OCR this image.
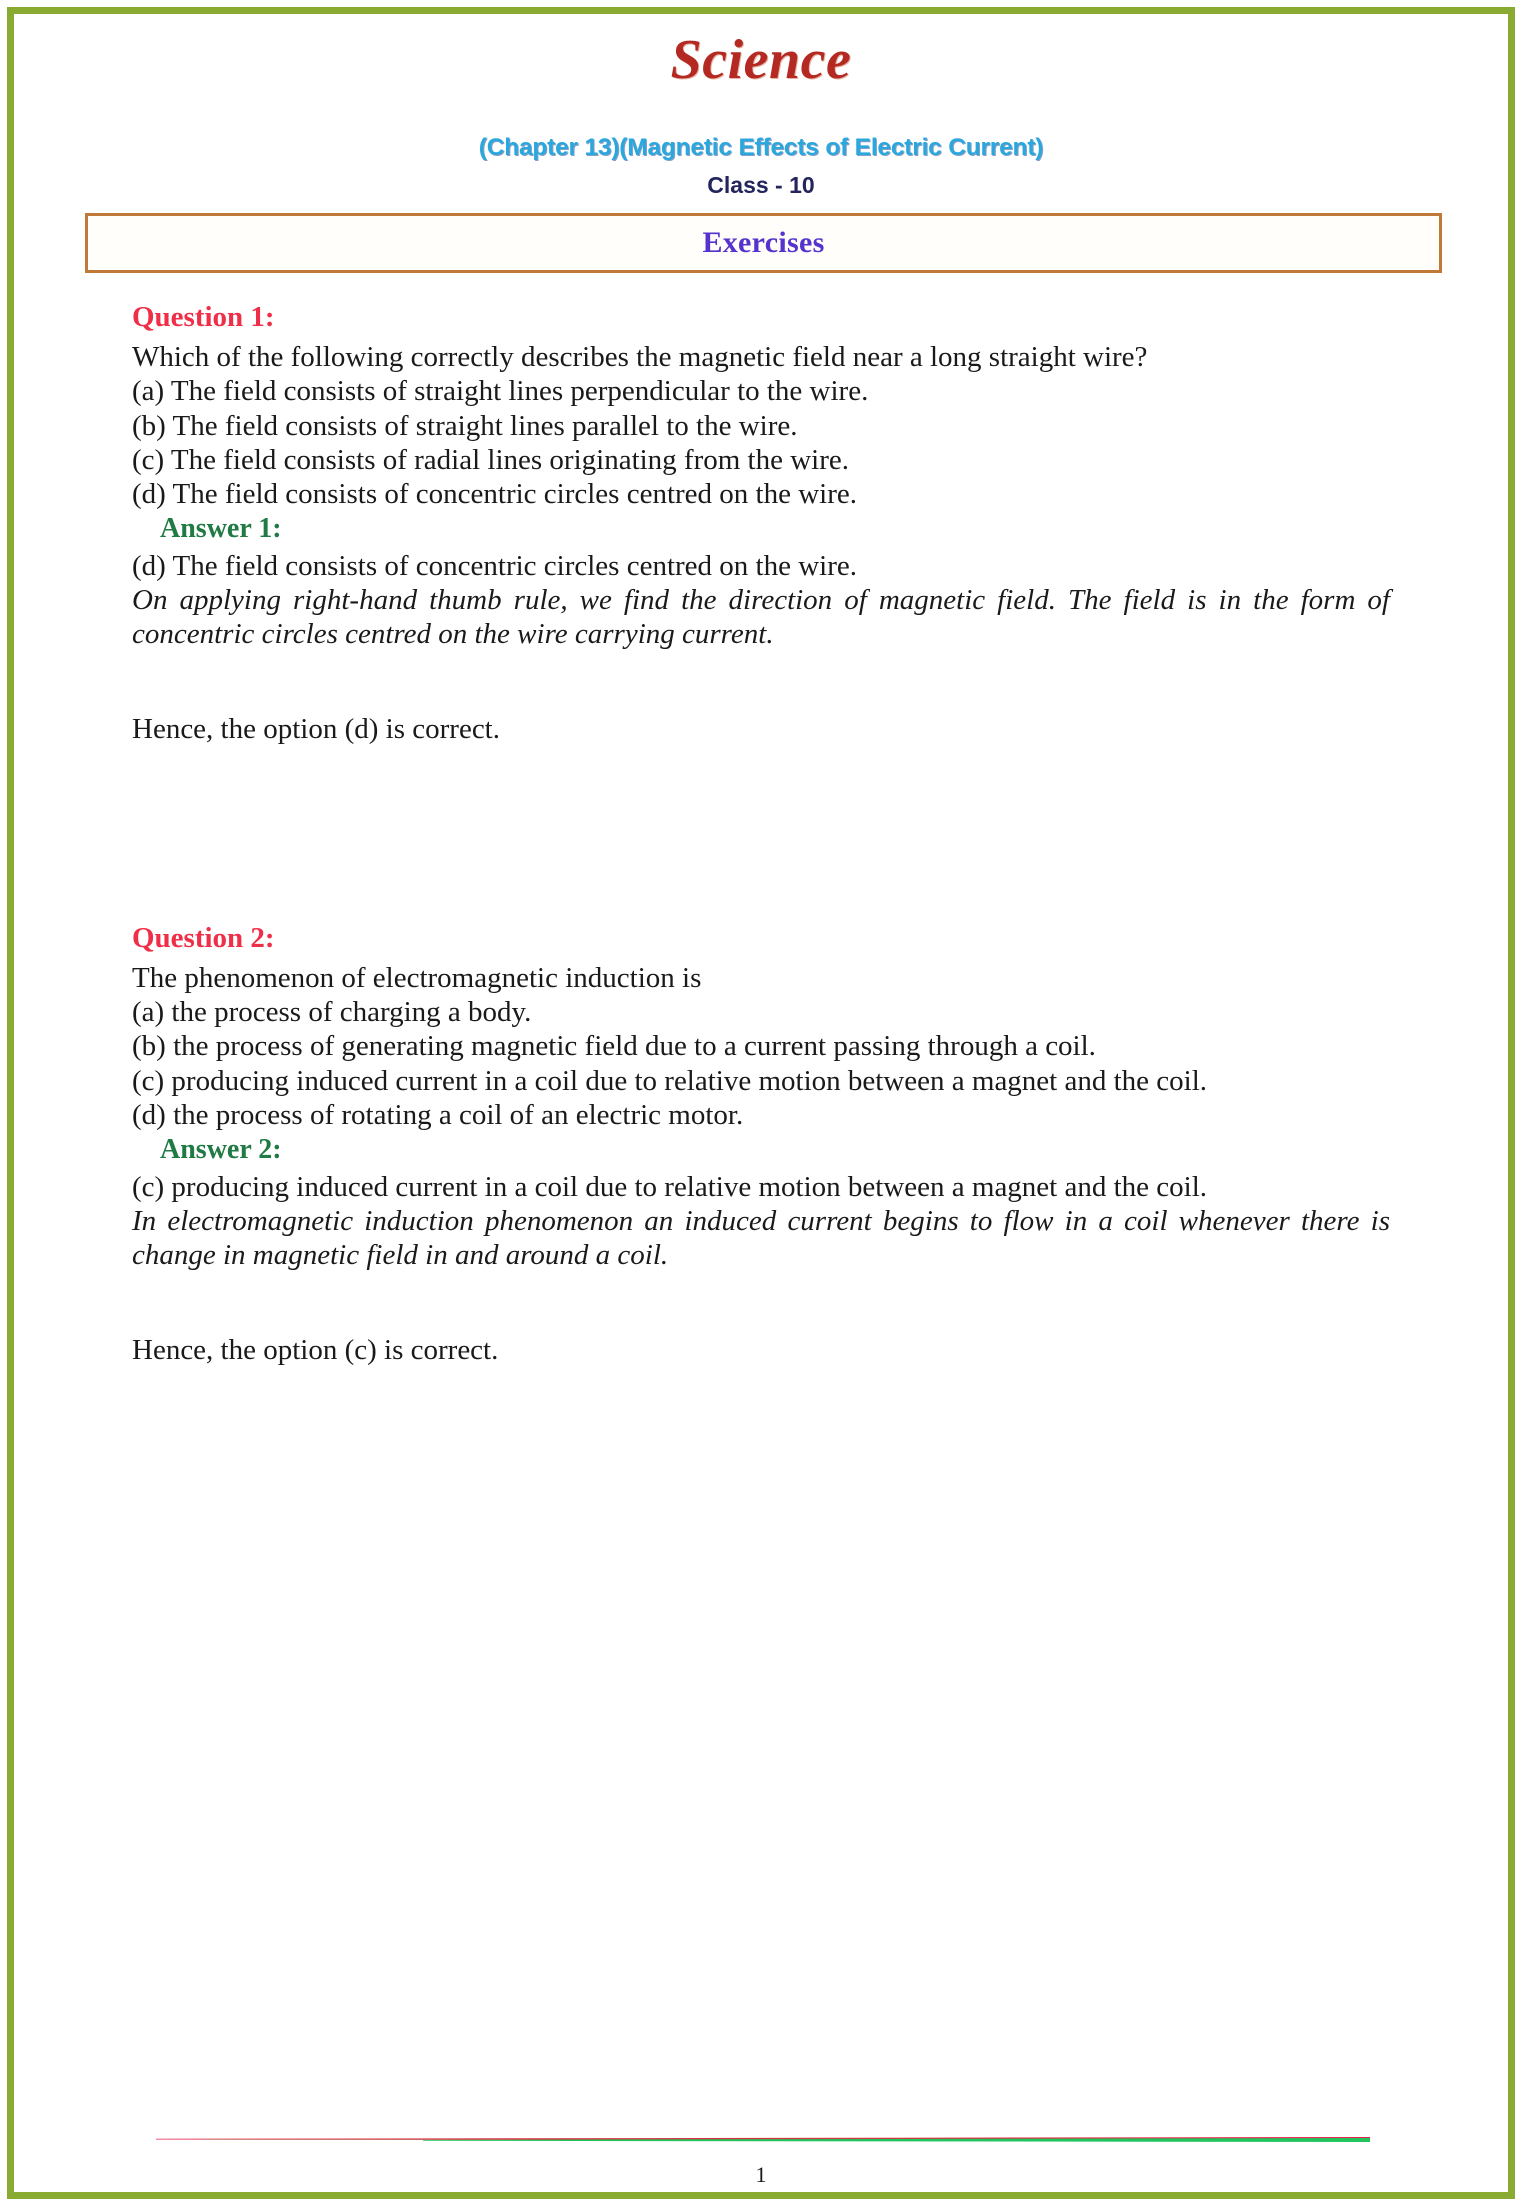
Science
(Chapter 13)(Magnetic Effects of Electric Current)
Class - 10
Exercises
Question 1:

Which of the following correctly describes the magnetic field near a long straight wire?

(a) The field consists of straight lines perpendicular to the wire.

(b) The field consists of straight lines parallel to the wire.

(c) The field consists of radial lines originating from the wire.

(d) The field consists of concentric circles centred on the wire.

Answer 1:

(d) The field consists of concentric circles centred on the wire.

On applying right-hand thumb rule, we find the direction of magnetic field. The field is in the form of concentric circles centred on the wire carrying current.

Hence, the option (d) is correct.

Question 2:

The phenomenon of electromagnetic induction is

(a) the process of charging a body.

(b) the process of generating magnetic field due to a current passing through a coil.

(c) producing induced current in a coil due to relative motion between a magnet and the coil.

(d) the process of rotating a coil of an electric motor.

Answer 2:

(c) producing induced current in a coil due to relative motion between a magnet and the coil.

In electromagnetic induction phenomenon an induced current begins to flow in a coil whenever there is change in magnetic field in and around a coil.

Hence, the option (c) is correct.

1
